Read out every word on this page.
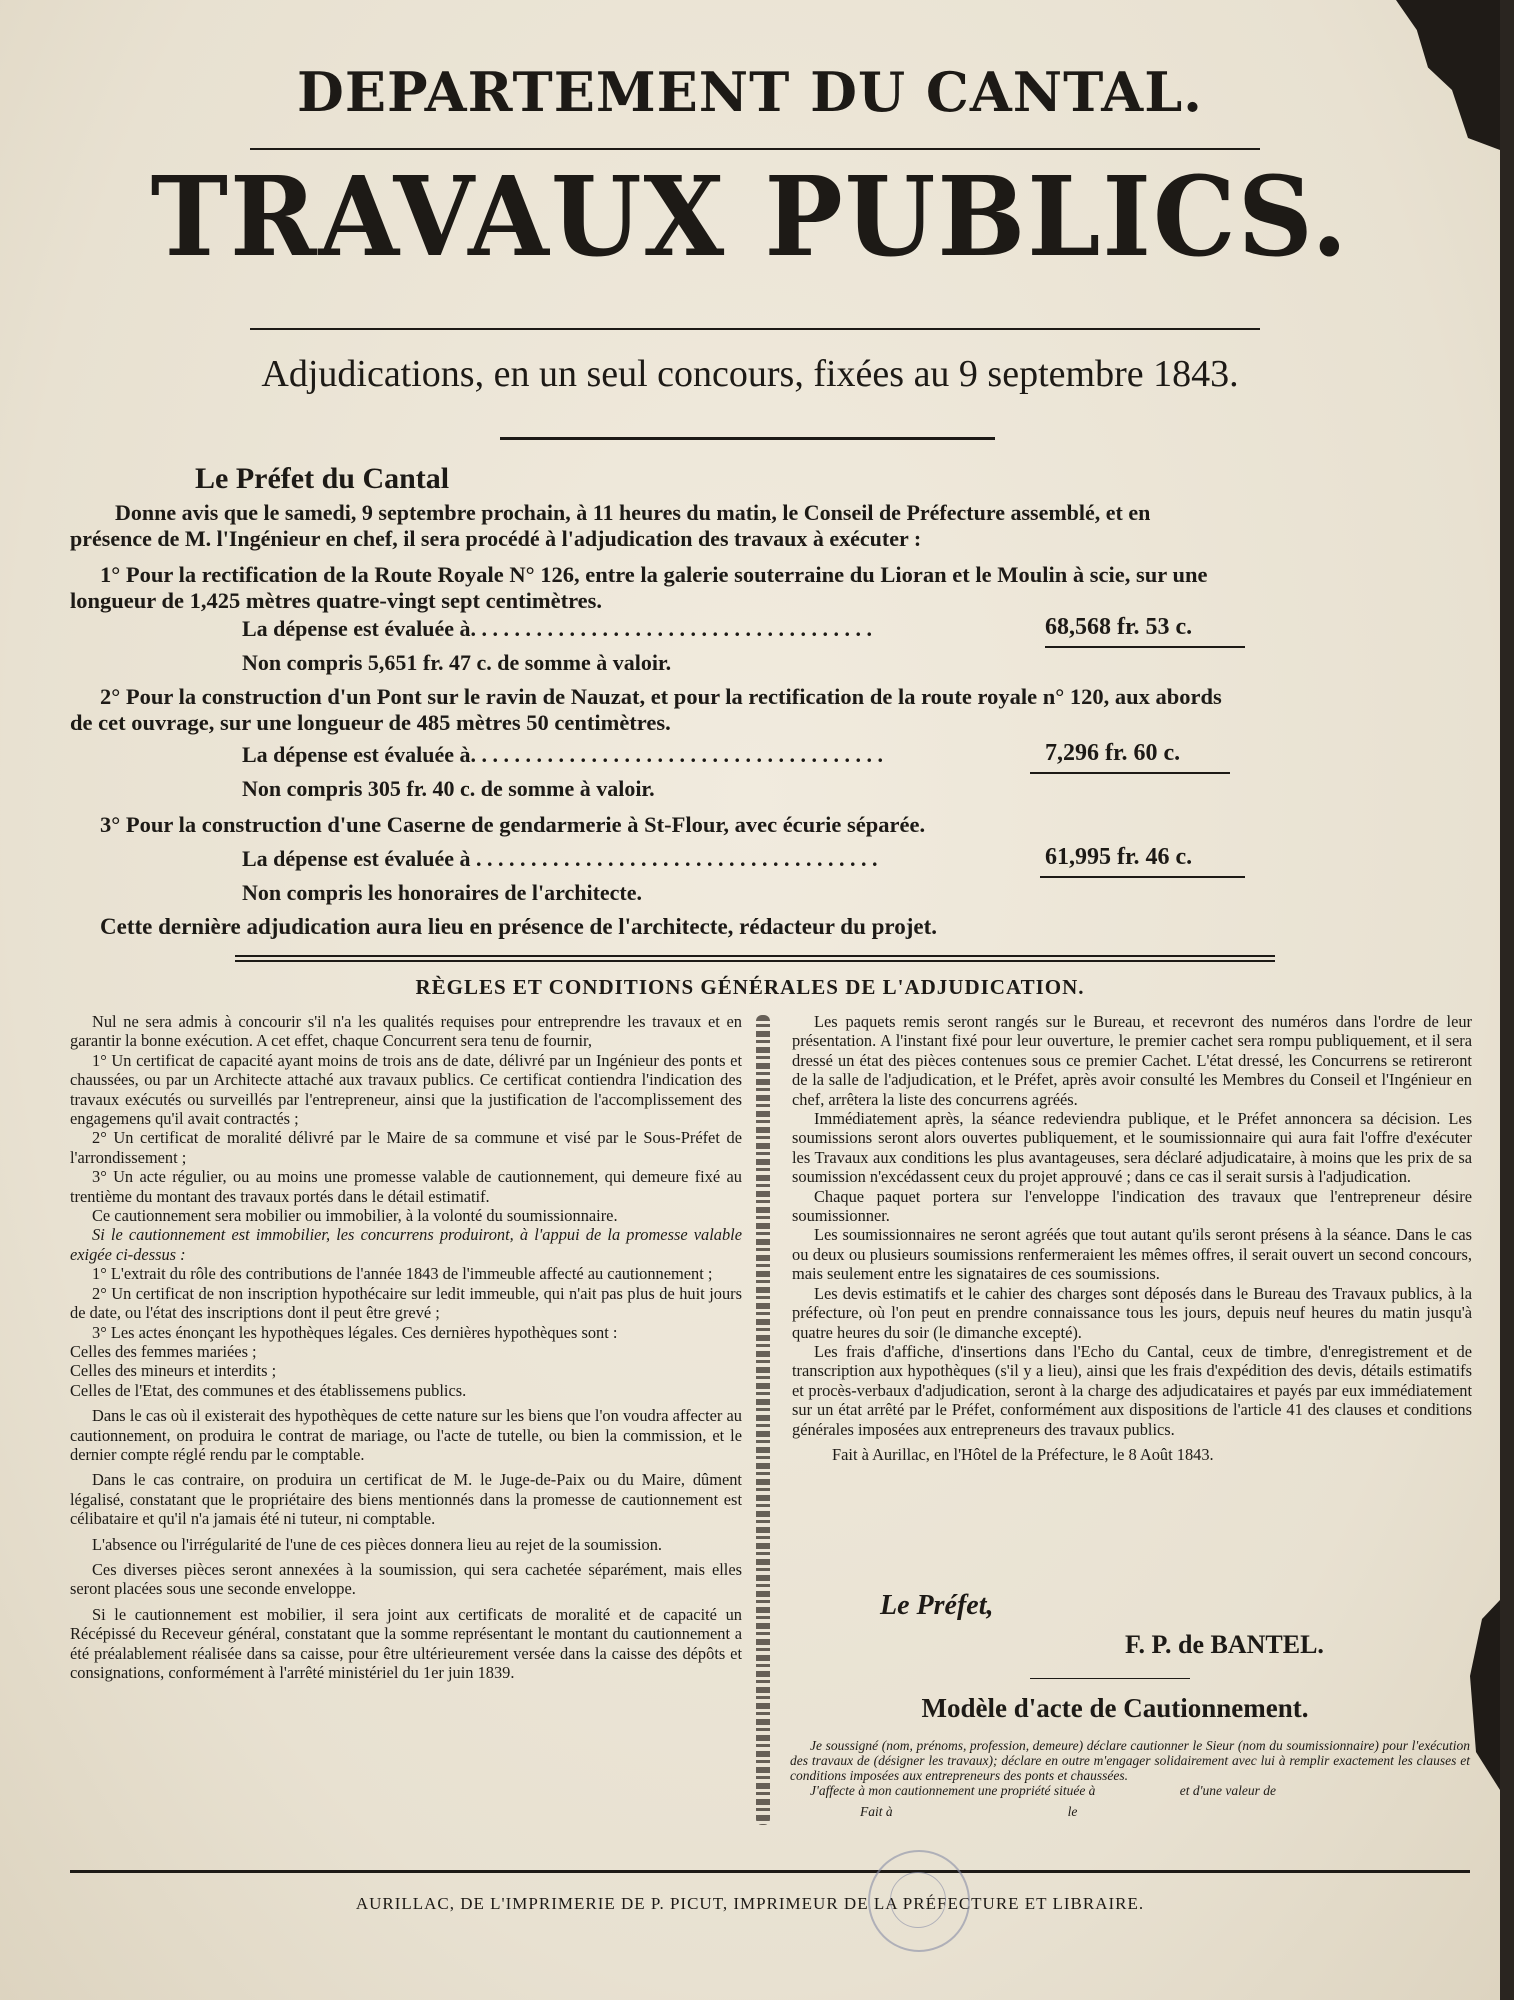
DEPARTEMENT DU CANTAL.
TRAVAUX PUBLICS.
Adjudications, en un seul concours, fixées au 9 septembre 1843.
Le Préfet du Cantal
Donne avis que le samedi, 9 septembre prochain, à 11 heures du matin, le Conseil de Préfecture assemblé, et en
présence de M. l'Ingénieur en chef, il sera procédé à l'adjudication des travaux à exécuter :
1° Pour la rectification de la Route Royale N° 126, entre la galerie souterraine du Lioran et le Moulin à scie, sur une
longueur de 1,425 mètres quatre-vingt sept centimètres.
La dépense est évaluée à. . . . . . . . . . . . . . . . . . . . . . . . . . . . . . . . . . . . .	68,568 fr. 53 c.
Non compris 5,651 fr. 47 c. de somme à valoir.
2° Pour la construction d'un Pont sur le ravin de Nauzat, et pour la rectification de la route royale n° 120, aux abords
de cet ouvrage, sur une longueur de 485 mètres 50 centimètres.
La dépense est évaluée à. . . . . . . . . . . . . . . . . . . . . . . . . . . . . . . . . . . . . .	7,296 fr. 60 c.
Non compris 305 fr. 40 c. de somme à valoir.
3° Pour la construction d'une Caserne de gendarmerie à St-Flour, avec écurie séparée.
La dépense est évaluée à . . . . . . . . . . . . . . . . . . . . . . . . . . . . . . . . . . . . .	61,995 fr. 46 c.
Non compris les honoraires de l'architecte.
Cette dernière adjudication aura lieu en présence de l'architecte, rédacteur du projet.
RÈGLES ET CONDITIONS GÉNÉRALES DE L'ADJUDICATION.

Nul ne sera admis à concourir s'il n'a les qualités requises pour entreprendre les travaux et en garantir la bonne exécution. A cet effet, chaque Concurrent sera tenu de fournir,

1° Un certificat de capacité ayant moins de trois ans de date, délivré par un Ingénieur des ponts et chaussées, ou par un Architecte attaché aux travaux publics. Ce certificat contiendra l'indication des travaux exécutés ou surveillés par l'entrepreneur, ainsi que la justification de l'accomplissement des engagemens qu'il avait contractés ;

2° Un certificat de moralité délivré par le Maire de sa commune et visé par le Sous-Préfet de l'arrondissement ;

3° Un acte régulier, ou au moins une promesse valable de cautionnement, qui demeure fixé au trentième du montant des travaux portés dans le détail estimatif.

Ce cautionnement sera mobilier ou immobilier, à la volonté du soumissionnaire.

Si le cautionnement est immobilier, les concurrens produiront, à l'appui de la promesse valable exigée ci-dessus :

1° L'extrait du rôle des contributions de l'année 1843 de l'immeuble affecté au cautionnement ;

2° Un certificat de non inscription hypothécaire sur ledit immeuble, qui n'ait pas plus de huit jours de date, ou l'état des inscriptions dont il peut être grevé ;

3° Les actes énonçant les hypothèques légales. Ces dernières hypothèques sont :

Celles des femmes mariées ;

Celles des mineurs et interdits ;

Celles de l'Etat, des communes et des établissemens publics.

Dans le cas où il existerait des hypothèques de cette nature sur les biens que l'on voudra affecter au cautionnement, on produira le contrat de mariage, ou l'acte de tutelle, ou bien la commission, et le dernier compte réglé rendu par le comptable.

Dans le cas contraire, on produira un certificat de M. le Juge-de-Paix ou du Maire, dûment légalisé, constatant que le propriétaire des biens mentionnés dans la promesse de cautionnement est célibataire et qu'il n'a jamais été ni tuteur, ni comptable.

L'absence ou l'irrégularité de l'une de ces pièces donnera lieu au rejet de la soumission.

Ces diverses pièces seront annexées à la soumission, qui sera cachetée séparément, mais elles seront placées sous une seconde enveloppe.

Si le cautionnement est mobilier, il sera joint aux certificats de moralité et de capacité un Récépissé du Receveur général, constatant que la somme représentant le montant du cautionnement a été préalablement réalisée dans sa caisse, pour être ultérieurement versée dans la caisse des dépôts et consignations, conformément à l'arrêté ministériel du 1er juin 1839.

Les paquets remis seront rangés sur le Bureau, et recevront des numéros dans l'ordre de leur présentation. A l'instant fixé pour leur ouverture, le premier cachet sera rompu publiquement, et il sera dressé un état des pièces contenues sous ce premier Cachet. L'état dressé, les Concurrens se retireront de la salle de l'adjudication, et le Préfet, après avoir consulté les Membres du Conseil et l'Ingénieur en chef, arrêtera la liste des concurrens agréés.

Immédiatement après, la séance redeviendra publique, et le Préfet annoncera sa décision. Les soumissions seront alors ouvertes publiquement, et le soumissionnaire qui aura fait l'offre d'exécuter les Travaux aux conditions les plus avantageuses, sera déclaré adjudicataire, à moins que les prix de sa soumission n'excédassent ceux du projet approuvé ; dans ce cas il serait sursis à l'adjudication.

Chaque paquet portera sur l'enveloppe l'indication des travaux que l'entrepreneur désire soumissionner.

Les soumissionnaires ne seront agréés que tout autant qu'ils seront présens à la séance. Dans le cas ou deux ou plusieurs soumissions renfermeraient les mêmes offres, il serait ouvert un second concours, mais seulement entre les signataires de ces soumissions.

Les devis estimatifs et le cahier des charges sont déposés dans le Bureau des Travaux publics, à la préfecture, où l'on peut en prendre connaissance tous les jours, depuis neuf heures du matin jusqu'à quatre heures du soir (le dimanche excepté).

Les frais d'affiche, d'insertions dans l'Echo du Cantal, ceux de timbre, d'enregistrement et de transcription aux hypothèques (s'il y a lieu), ainsi que les frais d'expédition des devis, détails estimatifs et procès-verbaux d'adjudication, seront à la charge des adjudicataires et payés par eux immédiatement sur un état arrêté par le Préfet, conformément aux dispositions de l'article 41 des clauses et conditions générales imposées aux entrepreneurs des travaux publics.

Fait à Aurillac, en l'Hôtel de la Préfecture, le 8 Août 1843.

Le Préfet,
F. P. de BANTEL.
Modèle d'acte de Cautionnement.

Je soussigné (nom, prénoms, profession, demeure) déclare cautionner le Sieur (nom du soumissionnaire) pour l'exécution des travaux de (désigner les travaux); déclare en outre m'engager solidairement avec lui à remplir exactement les clauses et conditions imposées aux entrepreneurs des ponts et chaussées.

J'affecte à mon cautionnement une propriété située à                         et d'une valeur de

Fait à	le

AURILLAC, DE L'IMPRIMERIE DE P. PICUT, IMPRIMEUR DE LA PRÉFECTURE ET LIBRAIRE.
